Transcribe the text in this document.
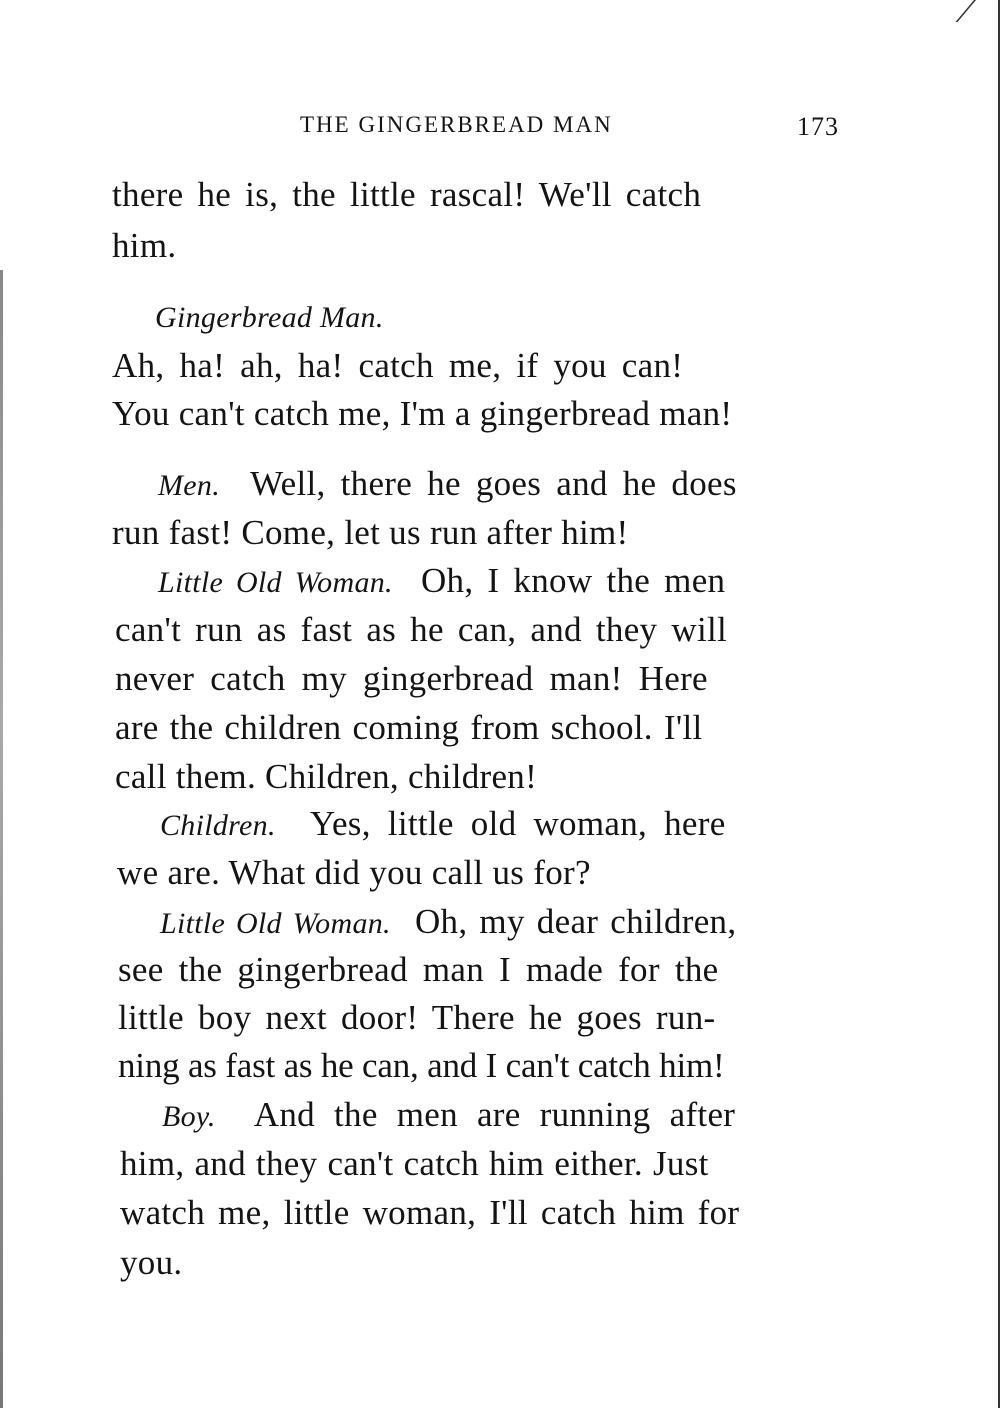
THE GINGERBREAD MAN	173
there he is, the little rascal! We'll catch
him.
Gingerbread Man.
Ah, ha! ah, ha! catch me, if you can!
You can't catch me, I'm a gingerbread man!
Men. Well, there he goes and he does
run fast! Come, let us run after him!
Little Old Woman. Oh, I know the men
can't run as fast as he can, and they will
never catch my gingerbread man! Here
are the children coming from school. I'll
call them. Children, children!
Children. Yes, little old woman, here
we are. What did you call us for?
Little Old Woman. Oh, my dear children,
see the gingerbread man I made for the
little boy next door! There he goes run-
ning as fast as he can, and I can't catch him!
Boy. And the men are running after
him, and they can't catch him either. Just
watch me, little woman, I'll catch him for
you.
